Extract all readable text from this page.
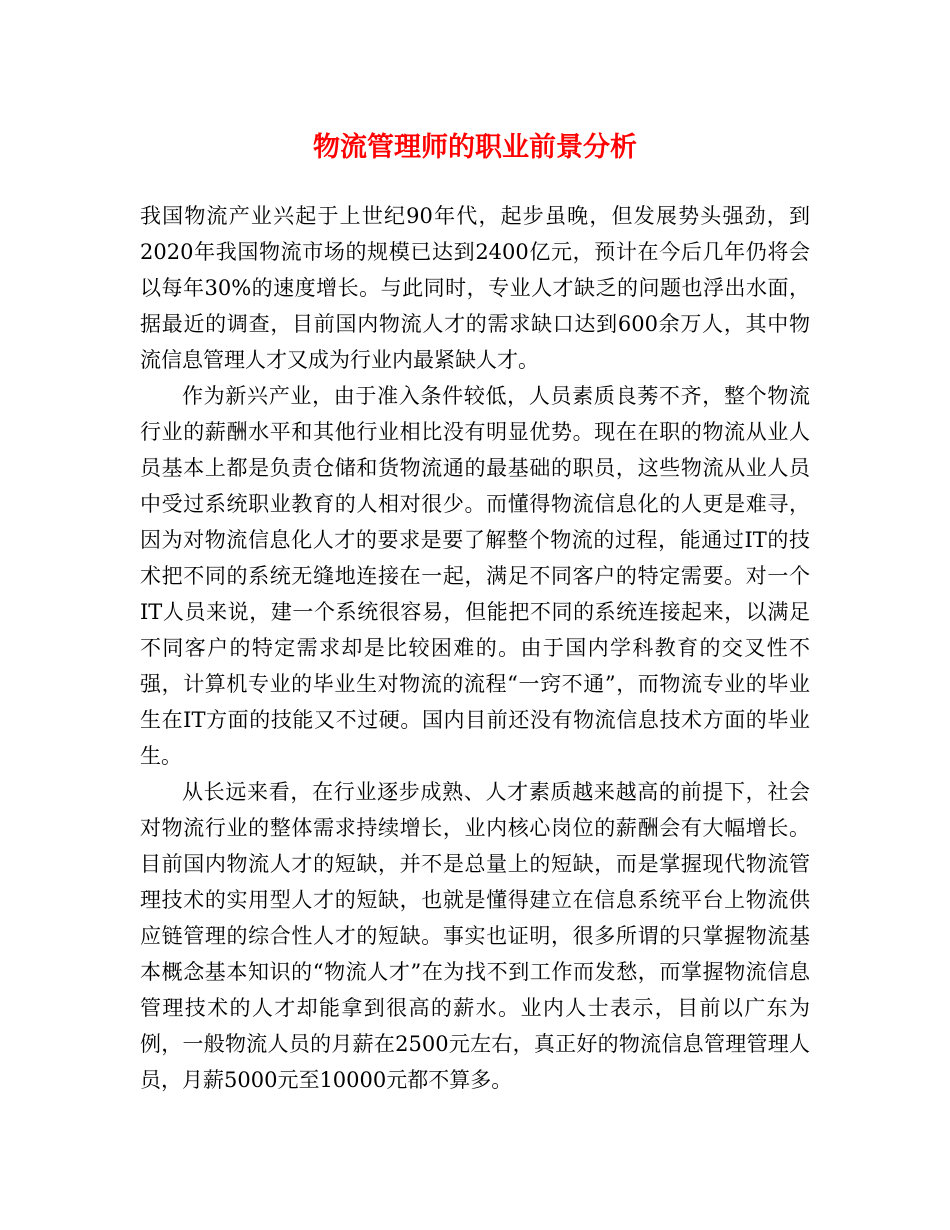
物流管理师的职业前景分析

我国物流产业兴起于上世纪90年代，起步虽晚，但发展势头强劲，到2020年我国物流市场的规模已达到2400亿元，预计在今后几年仍将会以每年30%的速度增长。与此同时，专业人才缺乏的问题也浮出水面，据最近的调查，目前国内物流人才的需求缺口达到600余万人，其中物流信息管理人才又成为行业内最紧缺人才。

作为新兴产业，由于准入条件较低，人员素质良莠不齐，整个物流行业的薪酬水平和其他行业相比没有明显优势。现在在职的物流从业人员基本上都是负责仓储和货物流通的最基础的职员，这些物流从业人员中受过系统职业教育的人相对很少。而懂得物流信息化的人更是难寻，因为对物流信息化人才的要求是要了解整个物流的过程，能通过IT的技术把不同的系统无缝地连接在一起，满足不同客户的特定需要。对一个IT人员来说，建一个系统很容易，但能把不同的系统连接起来，以满足不同客户的特定需求却是比较困难的。由于国内学科教育的交叉性不强，计算机专业的毕业生对物流的流程“一窍不通”，而物流专业的毕业生在IT方面的技能又不过硬。国内目前还没有物流信息技术方面的毕业生。

从长远来看，在行业逐步成熟、人才素质越来越高的前提下，社会对物流行业的整体需求持续增长，业内核心岗位的薪酬会有大幅增长。目前国内物流人才的短缺，并不是总量上的短缺，而是掌握现代物流管理技术的实用型人才的短缺，也就是懂得建立在信息系统平台上物流供应链管理的综合性人才的短缺。事实也证明，很多所谓的只掌握物流基本概念基本知识的“物流人才”在为找不到工作而发愁，而掌握物流信息管理技术的人才却能拿到很高的薪水。业内人士表示，目前以广东为例，一般物流人员的月薪在2500元左右，真正好的物流信息管理管理人员，月薪5000元至10000元都不算多。
